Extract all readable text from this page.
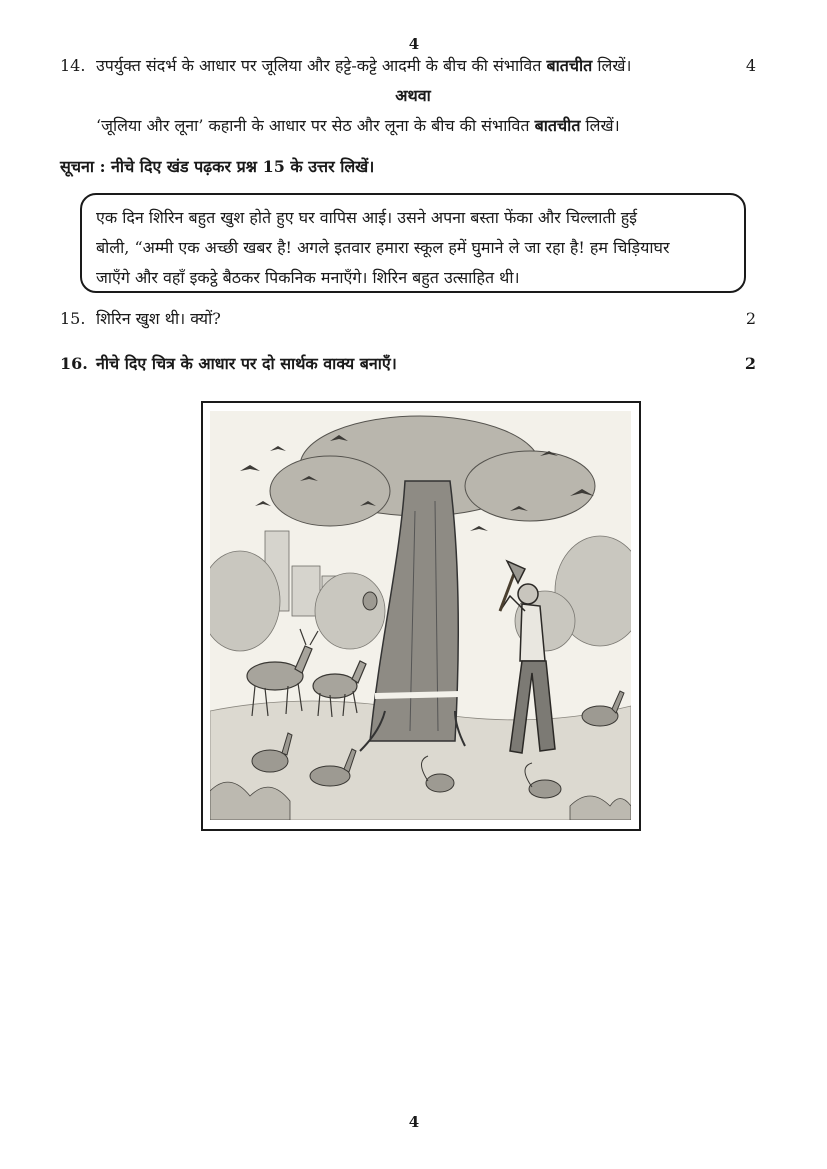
4
14. उपर्युक्त संदर्भ के आधार पर जूलिया और हट्टे-कट्टे आदमी के बीच की संभावित बातचीत लिखें।	4
अथवा
‘जूलिया और लूना’ कहानी के आधार पर सेठ और लूना के बीच की संभावित बातचीत लिखें।
सूचना : नीचे दिए खंड पढ़कर प्रश्न 15 के उत्तर लिखें।

एक दिन शिरिन बहुत खुश होते हुए घर वापिस आई। उसने अपना बस्ता फेंका और चिल्लाती हुई

बोली, “अम्मी एक अच्छी खबर है! अगले इतवार हमारा स्कूल हमें घुमाने ले जा रहा है! हम चिड़ियाघर

जाएँगे और वहाँ इकट्ठे बैठकर पिकनिक मनाएँगे। शिरिन बहुत उत्साहित थी।

15. शिरिन खुश थी। क्यों?	2
16. नीचे दिए चित्र के आधार पर दो सार्थक वाक्य बनाएँ।	2
4
